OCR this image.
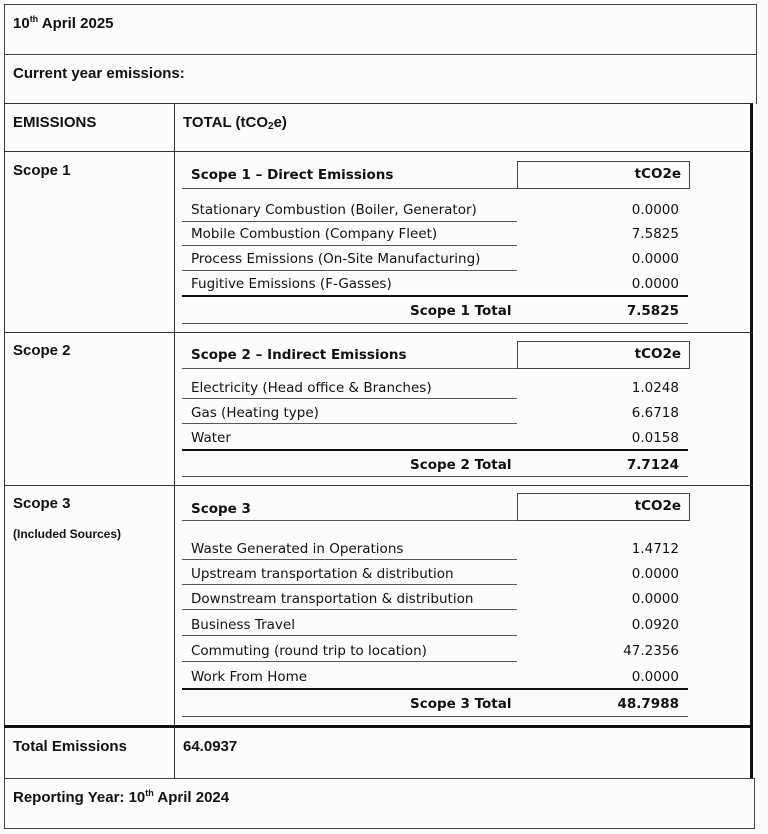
10th April 2025
Current year emissions:
EMISSIONS	TOTAL (tCO$_2$e)
Scope 1	Scope 1 – Direct Emissions	tCO2e
Stationary Combustion (Boiler, Generator)	0.0000
Mobile Combustion (Company Fleet)	7.5825
Process Emissions (On-Site Manufacturing)	0.0000
Fugitive Emissions (F-Gasses)	0.0000
Scope 1 Total	7.5825
Scope 2	Scope 2 – Indirect Emissions	tCO2e
Electricity (Head office & Branches)	1.0248
Gas (Heating type)	6.6718
Water	0.0158
Scope 2 Total	7.7124
Scope 3
(Included Sources)
Scope 3	tCO2e
Waste Generated in Operations	1.4712
Upstream transportation & distribution	0.0000
Downstream transportation & distribution	0.0000
Business Travel	0.0920
Commuting (round trip to location)	47.2356
Work From Home	0.0000
Scope 3 Total	48.7988
Total Emissions	64.0937
Reporting Year: 10th April 2024
